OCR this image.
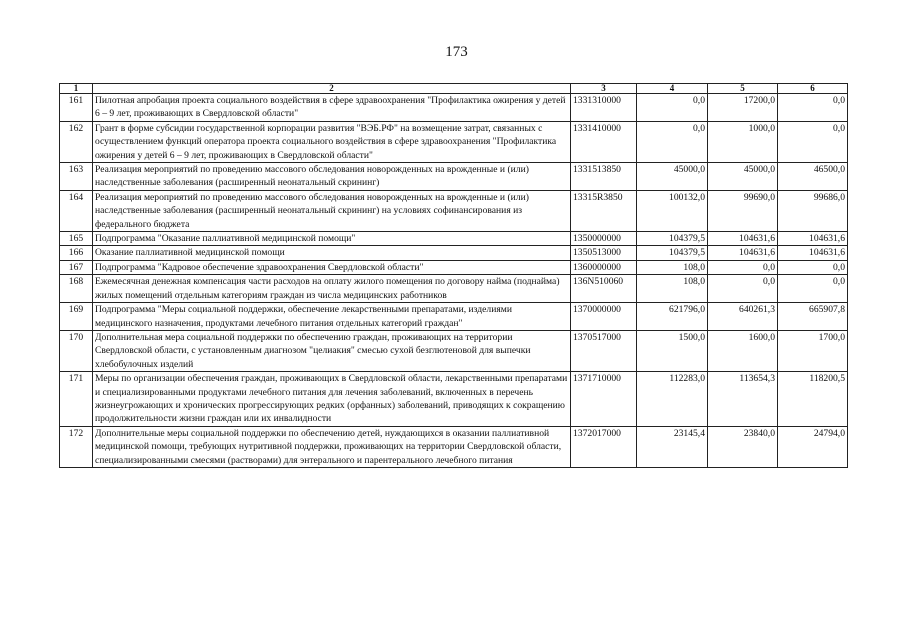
173
1	2	3	4	5	6
161	Пилотная апробация проекта социального воздействия в сфере здравоохранения "Профилактика ожирения у детей 6 – 9 лет, проживающих в Свердловской области"	1331310000	0,0	17200,0	0,0
162	Грант в форме субсидии государственной корпорации развития "ВЭБ.РФ" на возмещение затрат, связанных с осуществлением функций оператора проекта социального воздействия в сфере здравоохранения "Профилактика ожирения у детей 6 – 9 лет, проживающих в Свердловской области"	1331410000	0,0	1000,0	0,0
163	Реализация мероприятий по проведению массового обследования новорожденных на врожденные и (или) наследственные заболевания (расширенный неонатальный скрининг)	1331513850	45000,0	45000,0	46500,0
164	Реализация мероприятий по проведению массового обследования новорожденных на врожденные и (или) наследственные заболевания (расширенный неонатальный скрининг) на условиях софинансирования из федерального бюджета	13315R3850	100132,0	99690,0	99686,0
165	Подпрограмма "Оказание паллиативной медицинской помощи"	1350000000	104379,5	104631,6	104631,6
166	Оказание паллиативной медицинской помощи	1350513000	104379,5	104631,6	104631,6
167	Подпрограмма "Кадровое обеспечение здравоохранения Свердловской области"	1360000000	108,0	0,0	0,0
168	Ежемесячная денежная компенсация части расходов на оплату жилого помещения по договору найма (поднайма) жилых помещений отдельным категориям граждан из числа медицинских работников	136N510060	108,0	0,0	0,0
169	Подпрограмма "Меры социальной поддержки, обеспечение лекарственными препаратами, изделиями медицинского назначения, продуктами лечебного питания отдельных категорий граждан"	1370000000	621796,0	640261,3	665907,8
170	Дополнительная мера социальной поддержки по обеспечению граждан, проживающих на территории Свердловской области, с установленным диагнозом "целиакия" смесью сухой безглютеновой для выпечки хлебобулочных изделий	1370517000	1500,0	1600,0	1700,0
171	Меры по организации обеспечения граждан, проживающих в Свердловской области, лекарственными препаратами и специализированными продуктами лечебного питания для лечения заболеваний, включенных в перечень жизнеугрожающих и хронических прогрессирующих редких (орфанных) заболеваний, приводящих к сокращению продолжительности жизни граждан или их инвалидности	1371710000	112283,0	113654,3	118200,5
172	Дополнительные меры социальной поддержки по обеспечению детей, нуждающихся в оказании паллиативной медицинской помощи, требующих нутритивной поддержки, проживающих на территории Свердловской области, специализированными смесями (растворами) для энтерального и парентерального лечебного питания	1372017000	23145,4	23840,0	24794,0
